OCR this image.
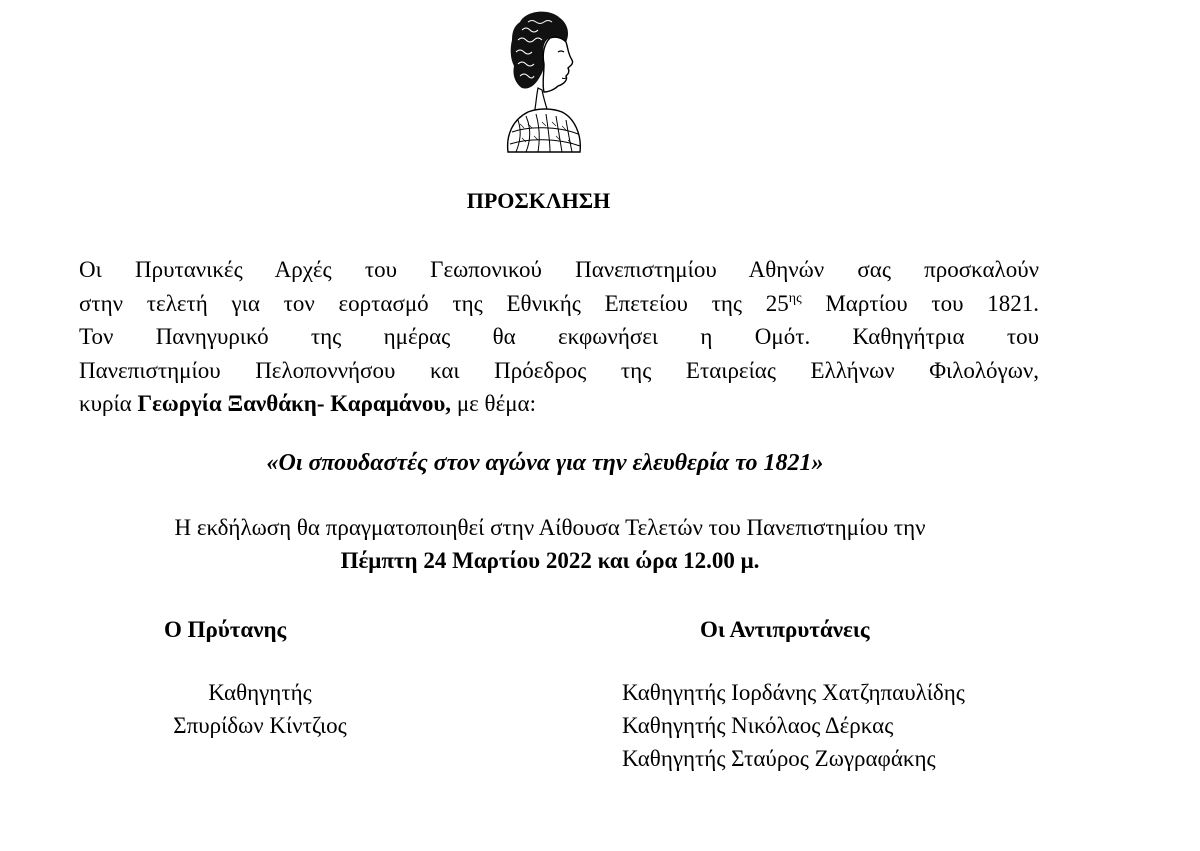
ΠΡΟΣΚΛΗΣΗ
Οι Πρυτανικές Αρχές του Γεωπονικού Πανεπιστημίου Αθηνών σας προσκαλούν
στην τελετή για τον εορτασμό της Εθνικής Επετείου της $25^{\eta\varsigma}$ Μαρτίου του 1821.
Τον Πανηγυρικό της ημέρας θα εκφωνήσει η Ομότ. Καθηγήτρια του
Πανεπιστημίου Πελοποννήσου και Πρόεδρος της Εταιρείας Ελλήνων Φιλολόγων,
κυρία Γεωργία Ξανθάκη- Καραμάνου, με θέμα:
«Οι σπουδαστές στον αγώνα για την ελευθερία το 1821»
Η εκδήλωση θα πραγματοποιηθεί στην Αίθουσα Τελετών του Πανεπιστημίου την
Πέμπτη 24 Μαρτίου 2022 και ώρα 12.00 μ.
Ο Πρύτανης	Οι Αντιπρυτάνεις
Καθηγητής
Σπυρίδων Κίντζιος
Καθηγητής Ιορδάνης Χατζηπαυλίδης
Καθηγητής Νικόλαος Δέρκας
Καθηγητής Σταύρος Ζωγραφάκης
